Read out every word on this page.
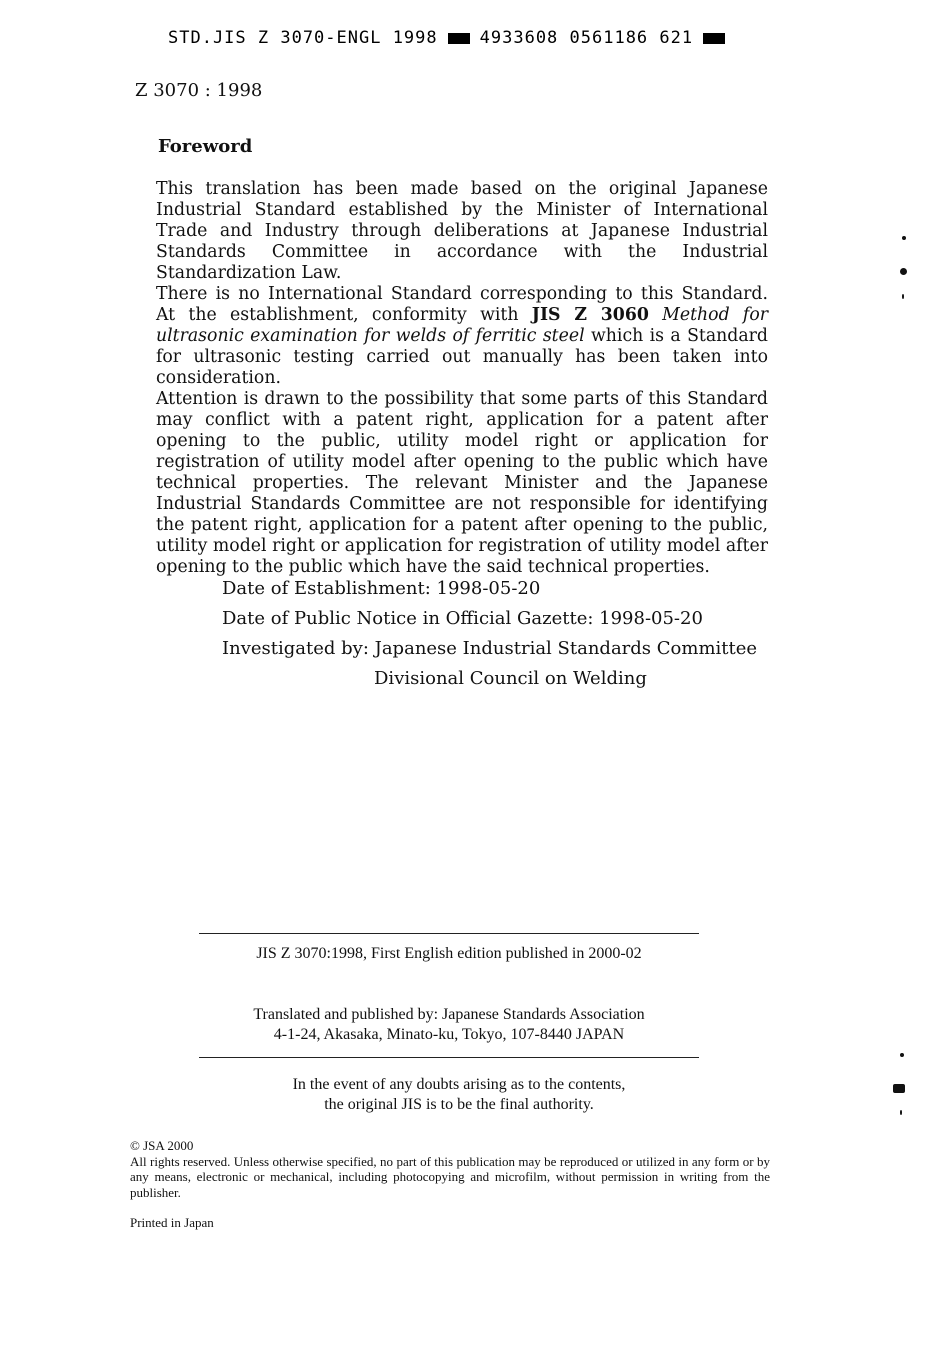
STD.JIS Z 3070-ENGL 1998 4933608 0561186 621
Z 3070 : 1998
Foreword

This translation has been made based on the original Japanese Industrial Standard established by the Minister of International Trade and Industry through deliberations at Japanese Industrial Standards Committee in accordance with the Industrial Standardization Law.

There is no International Standard corresponding to this Standard. At the establishment, conformity with JIS Z 3060 Method for ultrasonic examination for welds of ferritic steel which is a Standard for ultrasonic testing carried out manually has been taken into consideration.

Attention is drawn to the possibility that some parts of this Standard may conflict with a patent right, application for a patent after opening to the public, utility model right or application for registration of utility model after opening to the public which have technical properties. The relevant Minister and the Japanese Industrial Standards Committee are not responsible for identifying the patent right, application for a patent after opening to the public, utility model right or application for registration of utility model after opening to the public which have the said technical properties.

Date of Establishment: 1998-05-20
Date of Public Notice in Official Gazette: 1998-05-20
Investigated by: Japanese Industrial Standards Committee
Divisional Council on Welding
JIS Z 3070:1998, First English edition published in 2000-02
Translated and published by: Japanese Standards Association
4-1-24, Akasaka, Minato-ku, Tokyo, 107-8440 JAPAN
In the event of any doubts arising as to the contents,
the original JIS is to be the final authority.

© JSA 2000

All rights reserved. Unless otherwise specified, no part of this publication may be reproduced or utilized in any form or by any means, electronic or mechanical, including photocopying and microfilm, without permission in writing from the publisher.

Printed in Japan
